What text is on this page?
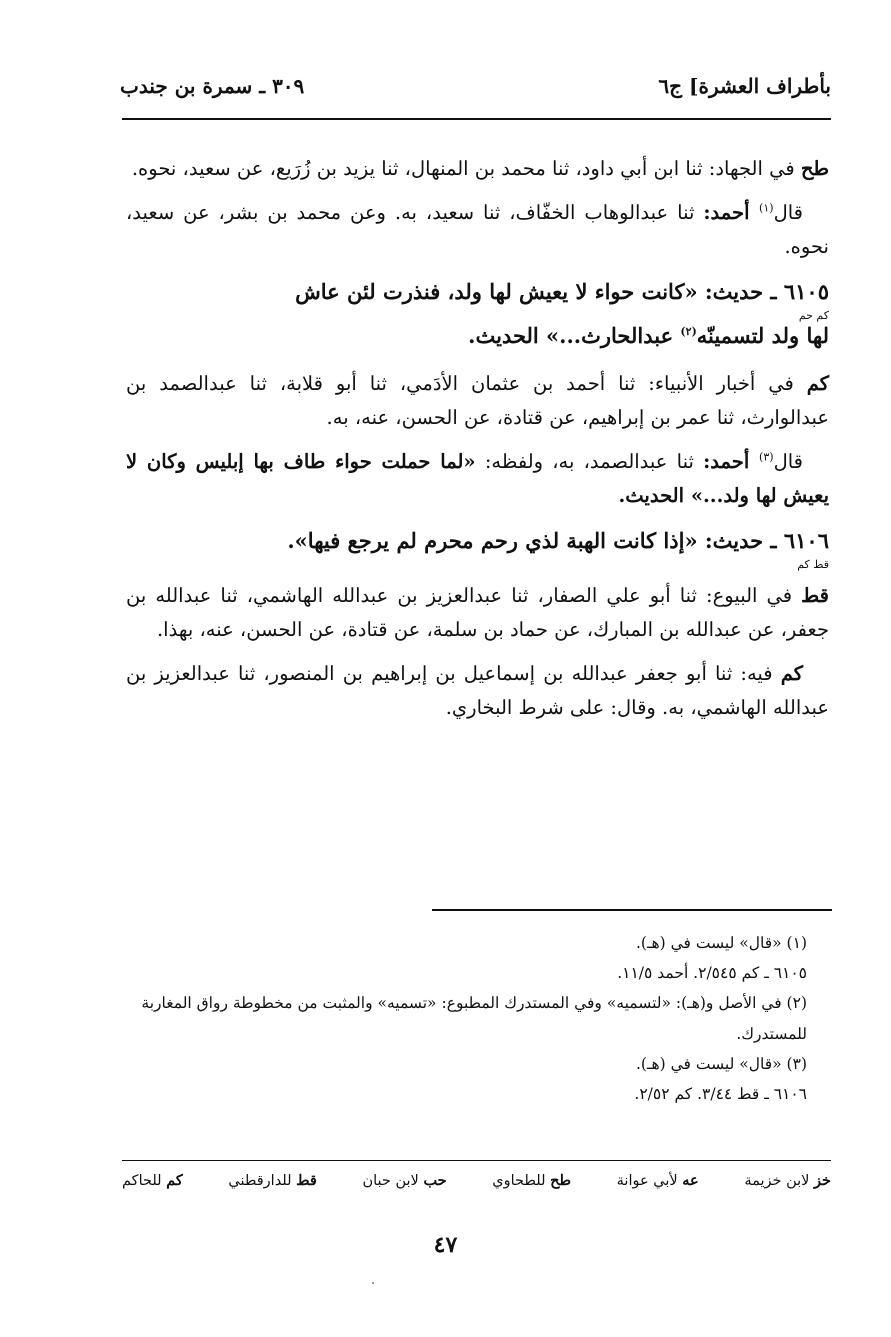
بأطراف العشرة] ج٦
٣٠٩ ـ سمرة بن جندب

طح في الجهاد: ثنا ابن أبي داود، ثنا محمد بن المنهال، ثنا يزيد بن زُرَيع، عن سعيد، نحوه.

قال$^{(١)}$ أحمد: ثنا عبدالوهاب الخفّاف، ثنا سعيد، به. وعن محمد بن بشر، عن سعيد، نحوه.

٦١٠٥ ـ حديث: «كانت حواء لا يعيش لها ولد، فنذرت لئن عاش
كم حم
لها ولد لتسمينّه$^{(٢)}$ عبدالحارث...» الحديث.

كم في أخبار الأنبياء: ثنا أحمد بن عثمان الأدَمي، ثنا أبو قلابة، ثنا عبدالصمد بن عبدالوارث، ثنا عمر بن إبراهيم، عن قتادة، عن الحسن، عنه، به.

قال$^{(٣)}$ أحمد: ثنا عبدالصمد، به، ولفظه: «لما حملت حواء طاف بها إبليس وكان لا يعيش لها ولد...» الحديث.

٦١٠٦ ـ حديث: «إذا كانت الهبة لذي رحم محرم لم يرجع فيها».
قط كم

قط في البيوع: ثنا أبو علي الصفار، ثنا عبدالعزيز بن عبدالله الهاشمي، ثنا عبدالله بن جعفر، عن عبدالله بن المبارك، عن حماد بن سلمة، عن قتادة، عن الحسن، عنه، بهذا.

كم فيه: ثنا أبو جعفر عبدالله بن إسماعيل بن إبراهيم بن المنصور، ثنا عبدالعزيز بن عبدالله الهاشمي، به. وقال: على شرط البخاري.

(١) «قال» ليست في (هـ).

٦١٠٥ ـ كم ٢/٥٤٥. أحمد ١١/٥.

(٢) في الأصل و(هـ): «لتسميه» وفي المستدرك المطبوع: «تسميه» والمثبت من مخطوطة رواق المغاربة للمستدرك.

(٣) «قال» ليست في (هـ).

٦١٠٦ ـ قط ٣/٤٤. كم ٢/٥٢.

خز لابن خزيمة
عه لأبي عوانة
طح للطحاوي
حب لابن حبان
قط للدارقطني
كم للحاكم
٤٧
